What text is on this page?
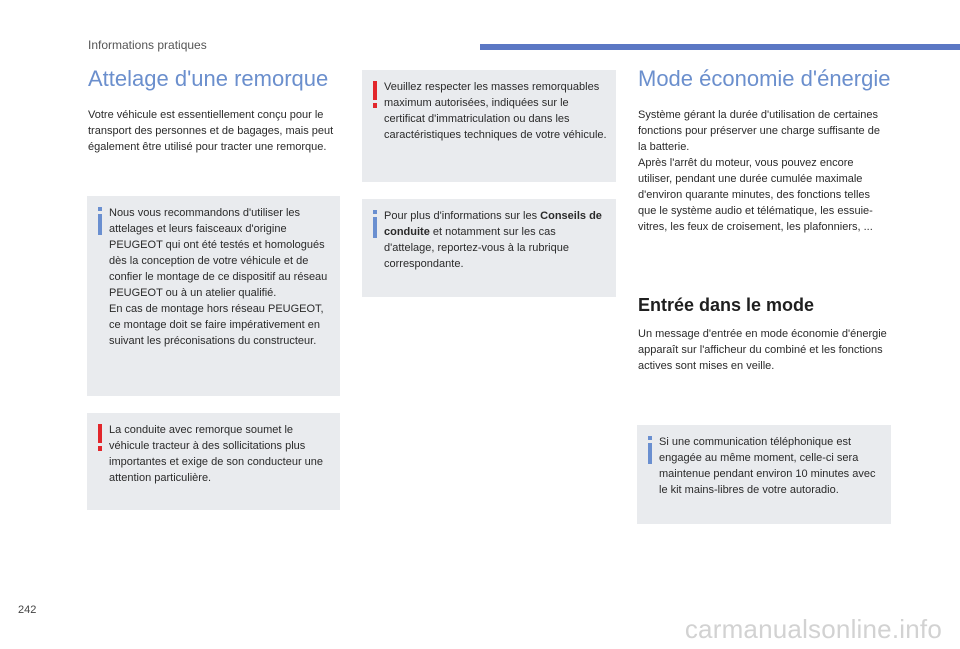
Informations pratiques
Attelage d'une remorque

Votre véhicule est essentiellement conçu pour le transport des personnes et de bagages, mais peut également être utilisé pour tracter une remorque.

Nous vous recommandons d'utiliser les attelages et leurs faisceaux d'origine PEUGEOT qui ont été testés et homologués dès la conception de votre véhicule et de confier le montage de ce dispositif au réseau PEUGEOT ou à un atelier qualifié.
En cas de montage hors réseau PEUGEOT, ce montage doit se faire impérativement en suivant les préconisations du constructeur.
La conduite avec remorque soumet le véhicule tracteur à des sollicitations plus importantes et exige de son conducteur une attention particulière.
Veuillez respecter les masses remorquables maximum autorisées, indiquées sur le certificat d'immatriculation ou dans les caractéristiques techniques de votre véhicule.
Pour plus d'informations sur les Conseils de conduite et notamment sur les cas d'attelage, reportez-vous à la rubrique correspondante.
Mode économie d'énergie

Système gérant la durée d'utilisation de certaines fonctions pour préserver une charge suffisante de la batterie.
Après l'arrêt du moteur, vous pouvez encore utiliser, pendant une durée cumulée maximale d'environ quarante minutes, des fonctions telles que le système audio et télématique, les essuie-vitres, les feux de croisement, les plafonniers, ...

Entrée dans le mode

Un message d'entrée en mode économie d'énergie apparaît sur l'afficheur du combiné et les fonctions actives sont mises en veille.

Si une communication téléphonique est engagée au même moment, celle-ci sera maintenue pendant environ 10 minutes avec le kit mains-libres de votre autoradio.
242
carmanualsonline.info
